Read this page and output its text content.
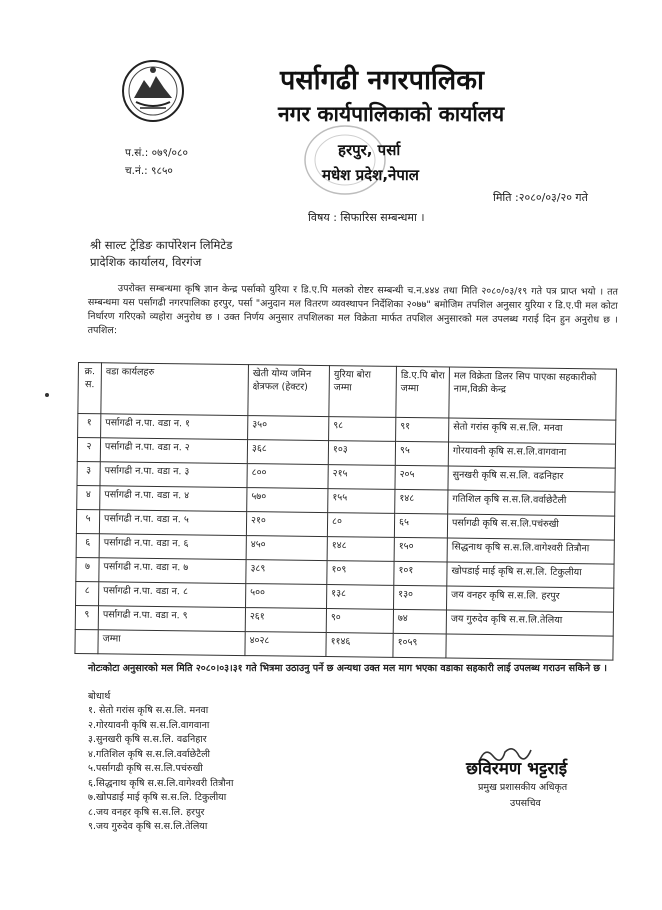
पर्सागढी नगरपालिका
नगर कार्यपालिकाको कार्यालय
हरपुर, पर्सा
मधेश प्रदेश,नेपाल
प.सं.: ०७९/०८०
च.नं.: ९८५०
मिति :२०८०/०३/२० गते
विषय : सिफारिस सम्बन्धमा ।
श्री साल्ट ट्रेडिङ कार्पोरेशन लिमिटेड
प्रादेशिक कार्यालय, विरगंज
उपरोक्त सम्बन्धमा कृषि ज्ञान केन्द्र पर्साको युरिया र डि.ए.पि मलको रोष्टर सम्बन्धी च.न.४४४ तथा मिति २०८०/०३/१९ गते पत्र प्राप्त भयो । तत सम्बन्धमा यस पर्सागढी नगरपालिका हरपुर, पर्सा "अनुदान मल वितरण व्यवस्थापन निर्देशिका २०७७" बमोजिम तपशिल अनुसार युरिया र डि.ए.पी मल कोटा निर्धारण गरिएको व्यहोरा अनुरोध छ । उक्त निर्णय अनुसार तपशिलका मल विक्रेता मार्फत तपशिल अनुसारको मल उपलब्ध गराई दिन हुन अनुरोध छ । तपशिल:
क्र. स.	वडा कार्यलहरु	खेती योग्य जमिन क्षेत्रफल (हेक्टर)	युरिया बोरा जम्मा	डि.ए.पि बोरा जम्मा	मल विक्रेता डिलर सिप पाएका सहकारीको नाम,विक्री केन्द्र
१	पर्सागढी न.पा. वडा न. १	३५०	९८	९१	सेतो गरांस कृषि स.स.लि. मनवा
२	पर्सागढी न.पा. वडा न. २	३६८	१०३	९५	गोरयावनी कृषि स.स.लि.वागवाना
३	पर्सागढी न.पा. वडा न. ३	८००	२१५	२०५	सुनखरी कृषि स.स.लि. वढनिहार
४	पर्सागढी न.पा. वडा न. ४	५७०	१५५	१४८	गतिशिल कृषि स.स.लि.वर्वाछेटैली
५	पर्सागढी न.पा. वडा न. ५	२१०	८०	६५	पर्सागढी कृषि स.स.लि.पचंरुखी
६	पर्सागढी न.पा. वडा न. ६	४५०	१४८	१५०	सिद्धनाथ कृषि स.स.लि.वागेश्वरी तित्रौना
७	पर्सागढी न.पा. वडा न. ७	३८९	१०९	१०१	खोपडाई माई कृषि स.स.लि. टिकुलीया
८	पर्सागढी न.पा. वडा न. ८	५००	१३८	१३०	जय वनहर कृषि स.स.लि. हरपुर
९	पर्सागढी न.पा. वडा न. ९	२६१	९०	७४	जय गुरुदेव कृषि स.स.लि.तेलिया
	जम्मा	४०२८	११४६	१०५९	
नोटःकोटा अनुसारको मल मिति २०८०।०३।३१ गते भित्रमा उठाउनु पर्ने छ अन्यथा उक्त मल माग भएका वडाका सहकारी लाई उपलब्ध गराउन सकिने छ ।
बोधार्थ
१. सेतो गरांस कृषि स.स.लि. मनवा
२.गोरयावनी कृषि स.स.लि.वागवाना
३.सुनखरी कृषि स.स.लि. वढनिहार
४.गतिशिल कृषि स.स.लि.वर्वाछेटैली
५.पर्सागढी कृषि स.स.लि.पचंरुखी
६.सिद्धनाथ कृषि स.स.लि.वागेश्वरी तित्रौना
७.खोपडाई माई कृषि स.स.लि. टिकुलीया
८.जय वनहर कृषि स.स.लि. हरपुर
९.जय गुरुदेव कृषि स.स.लि.तेलिया
छविरमण भट्टराई
प्रमुख प्रशासकीय अधिकृत
उपसचिव
